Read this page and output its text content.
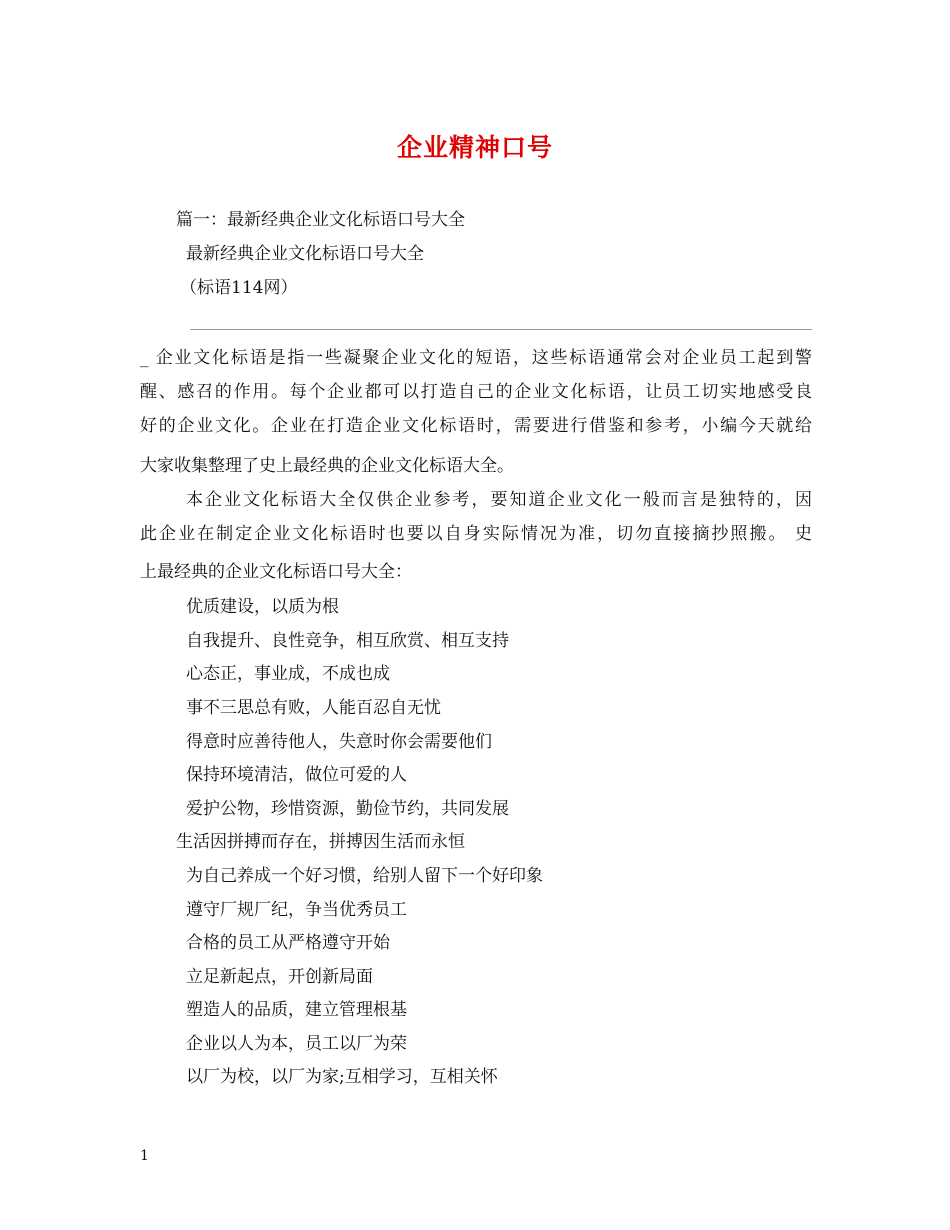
企业精神口号
篇一：最新经典企业文化标语口号大全
最新经典企业文化标语口号大全
（标语114网）
_ 企业文化标语是指一些凝聚企业文化的短语，这些标语通常会对企业员工起到警
醒、感召的作用。每个企业都可以打造自己的企业文化标语，让员工切实地感受良
好的企业文化。企业在打造企业文化标语时，需要进行借鉴和参考，小编今天就给
大家收集整理了史上最经典的企业文化标语大全。
本企业文化标语大全仅供企业参考，要知道企业文化一般而言是独特的，因
此企业在制定企业文化标语时也要以自身实际情况为准，切勿直接摘抄照搬。 史
上最经典的企业文化标语口号大全：
优质建设，以质为根
自我提升、良性竞争，相互欣赏、相互支持
心态正，事业成，不成也成
事不三思总有败，人能百忍自无忧
得意时应善待他人，失意时你会需要他们
保持环境清洁，做位可爱的人
爱护公物，珍惜资源，勤俭节约，共同发展
生活因拼搏而存在，拼搏因生活而永恒
为自己养成一个好习惯，给别人留下一个好印象
遵守厂规厂纪，争当优秀员工
合格的员工从严格遵守开始
立足新起点，开创新局面
塑造人的品质，建立管理根基
企业以人为本，员工以厂为荣
以厂为校，以厂为家;互相学习，互相关怀
1
